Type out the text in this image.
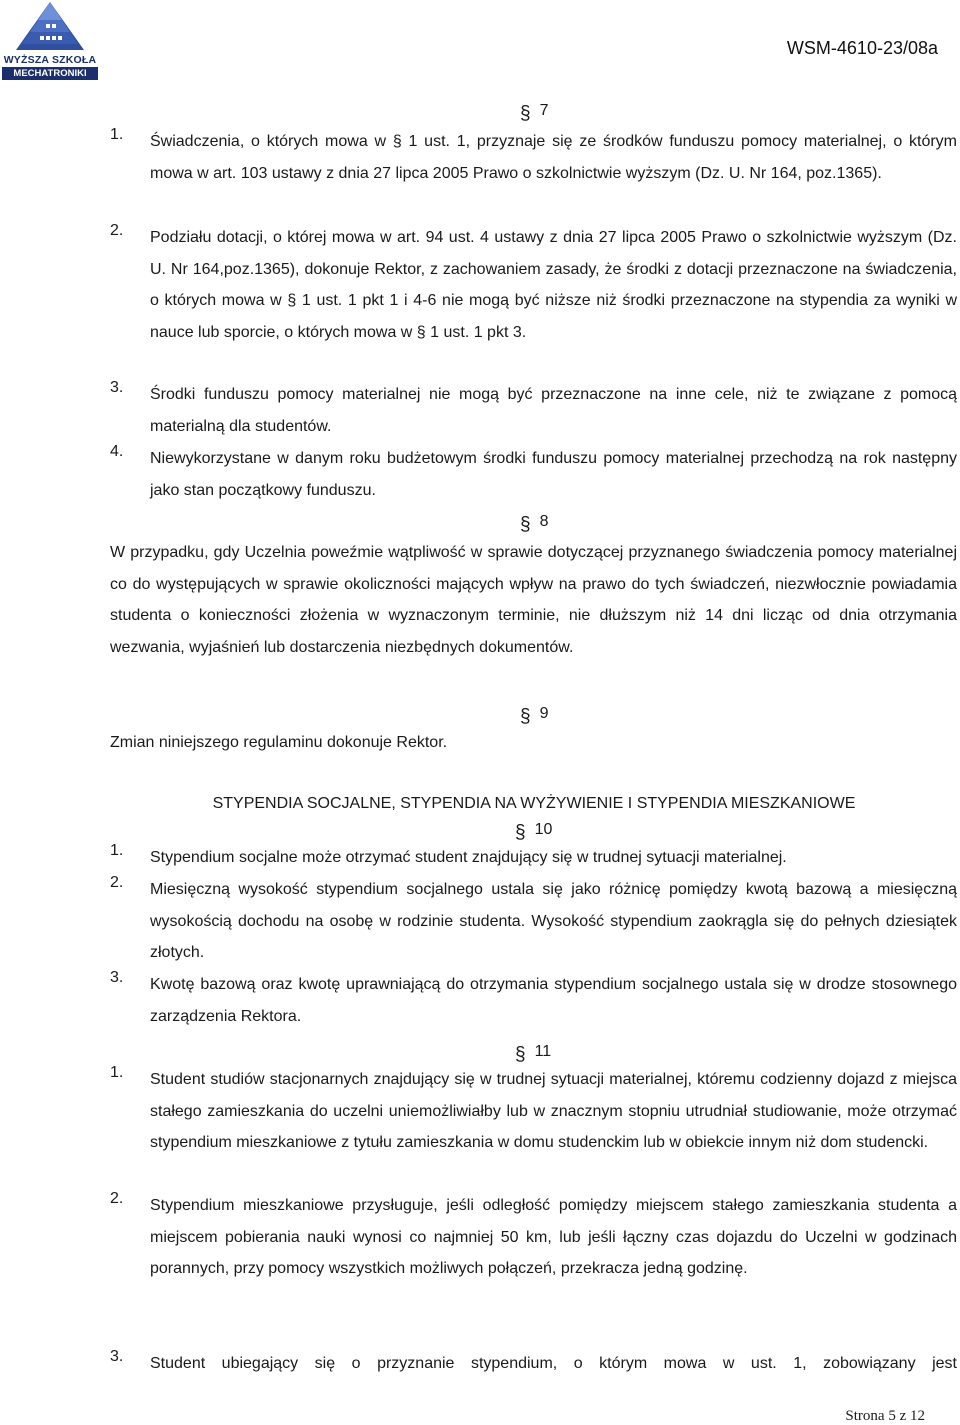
WYŻSZA SZKOŁA
MECHATRONIKI
WSM-4610-23/08a
§ 7
1.	Świadczenia, o których mowa w § 1 ust. 1, przyznaje się ze środków funduszu pomocy materialnej, o którym mowa w art. 103 ustawy z dnia 27 lipca 2005 Prawo o szkolnictwie wyższym (Dz. U. Nr 164, poz.1365).
2.	Podziału dotacji, o której mowa w art. 94 ust. 4 ustawy z dnia 27 lipca 2005 Prawo o szkolnictwie wyższym (Dz. U. Nr 164,poz.1365), dokonuje Rektor, z zachowaniem zasady, że środki z dotacji przeznaczone na świadczenia, o których mowa w § 1 ust. 1 pkt 1 i 4-6 nie mogą być niższe niż środki przeznaczone na stypendia za wyniki w nauce lub sporcie, o których mowa w § 1 ust. 1 pkt 3.
3.	Środki funduszu pomocy materialnej nie mogą być przeznaczone na inne cele, niż te związane z pomocą materialną dla studentów.
4.	Niewykorzystane w danym roku budżetowym środki funduszu pomocy materialnej przechodzą na rok następny jako stan początkowy funduszu.
§ 8
W przypadku, gdy Uczelnia poweźmie wątpliwość w sprawie dotyczącej przyznanego świadczenia pomocy materialnej co do występujących w sprawie okoliczności mających wpływ na prawo do tych świadczeń, niezwłocznie powiadamia studenta o konieczności złożenia w wyznaczonym terminie, nie dłuższym niż 14 dni licząc od dnia otrzymania wezwania, wyjaśnień lub dostarczenia niezbędnych dokumentów.
§ 9
Zmian niniejszego regulaminu dokonuje Rektor.
STYPENDIA SOCJALNE, STYPENDIA NA WYŻYWIENIE I STYPENDIA MIESZKANIOWE
§ 10
1.	Stypendium socjalne może otrzymać student znajdujący się w trudnej sytuacji materialnej.
2.	Miesięczną wysokość stypendium socjalnego ustala się jako różnicę pomiędzy kwotą bazową a miesięczną wysokością dochodu na osobę w rodzinie studenta. Wysokość stypendium zaokrągla się do pełnych dziesiątek złotych.
3.	Kwotę bazową oraz kwotę uprawniającą do otrzymania stypendium socjalnego ustala się w drodze stosownego zarządzenia Rektora.
§ 11
1.	Student studiów stacjonarnych znajdujący się w trudnej sytuacji materialnej, któremu codzienny dojazd z miejsca stałego zamieszkania do uczelni uniemożliwiałby lub w znacznym stopniu utrudniał studiowanie, może otrzymać stypendium mieszkaniowe z tytułu zamieszkania w domu studenckim lub w obiekcie innym niż dom studencki.
2.	Stypendium mieszkaniowe przysługuje, jeśli odległość pomiędzy miejscem stałego zamieszkania studenta a miejscem pobierania nauki wynosi co najmniej 50 km, lub jeśli łączny czas dojazdu do Uczelni w godzinach porannych, przy pomocy wszystkich możliwych połączeń, przekracza jedną godzinę.
3.	Student ubiegający się o przyznanie stypendium, o którym mowa w ust. 1, zobowiązany jest
Strona 5 z 12
